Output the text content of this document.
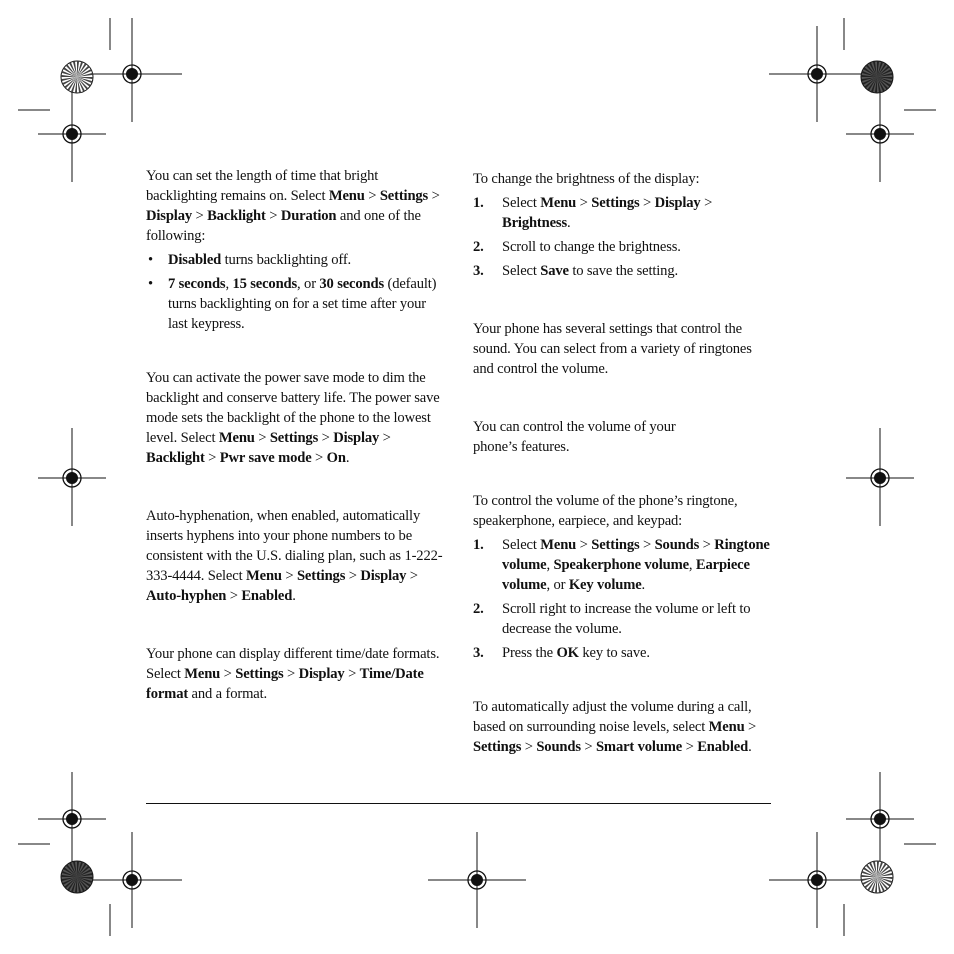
You can set the length of time that bright backlighting remains on. Select Menu > Settings > Display > Backlight > Duration and one of the following:

• Disabled turns backlighting off.
• 7 seconds, 15 seconds, or 30 seconds (default) turns backlighting on for a set time after your last keypress.

You can activate the power save mode to dim the backlight and conserve battery life. The power save mode sets the backlight of the phone to the lowest level. Select Menu > Settings > Display > Backlight > Pwr save mode > On.

Auto-hyphenation, when enabled, automatically inserts hyphens into your phone numbers to be consistent with the U.S. dialing plan, such as 1-222-333-4444. Select Menu > Settings > Display > Auto-hyphen > Enabled.

Your phone can display different time/date formats. Select Menu > Settings > Display > Time/Date format and a format.

To change the brightness of the display:

1. Select Menu > Settings > Display > Brightness.
2. Scroll to change the brightness.
3. Select Save to save the setting.

Your phone has several settings that control the sound. You can select from a variety of ringtones and control the volume.

You can control the volume of your phone’s features.

To control the volume of the phone’s ringtone, speakerphone, earpiece, and keypad:

1. Select Menu > Settings > Sounds > Ringtone volume, Speakerphone volume, Earpiece volume, or Key volume.
2. Scroll right to increase the volume or left to decrease the volume.
3. Press the OK key to save.

To automatically adjust the volume during a call, based on surrounding noise levels, select Menu > Settings > Sounds > Smart volume > Enabled.
